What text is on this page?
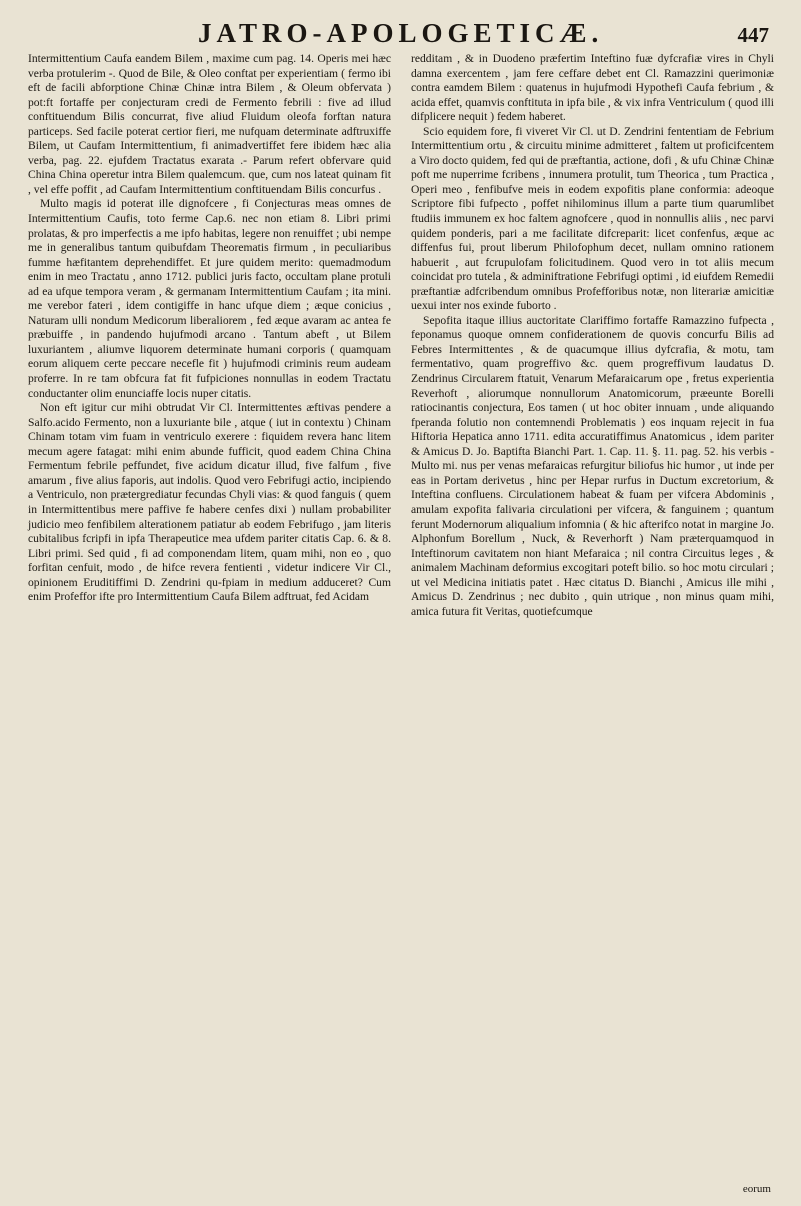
JATRO-APOLOGETICÆ.	447

Intermittentium Caufa eandem Bilem , maxime cum pag. 14. Operis mei hæc verba protulerim -. Quod de Bile, & Oleo conftat per experientiam ( fermo ibi eft de facili abforptione Chinæ Chinæ intra Bilem , & Oleum obfervata ) pot:ft fortaffe per conjecturam credi de Fermento febrili : five ad illud conftituendum Bilis concurrat, five aliud Fluidum oleofa forftan natura particeps. Sed facile poterat certior fieri, me nufquam determinate adftruxiffe Bilem, ut Caufam Intermittentium, fi animadvertiffet fere ibidem hæc alia verba, pag. 22. ejufdem Tractatus exarata .- Parum refert obfervare quid China China operetur intra Bilem qualemcum. que, cum nos lateat quinam fit , vel effe poffit , ad Caufam Intermittentium conftituendam Bilis concurfus .

Multo magis id poterat ille dignofcere , fi Conjecturas meas omnes de Intermittentium Caufis, toto ferme Cap.6. nec non etiam 8. Libri primi prolatas, & pro imperfectis a me ipfo habitas, legere non renuiffet ; ubi nempe me in generalibus tantum quibufdam Theorematis firmum , in peculiaribus fumme hæfitantem deprehendiffet. Et jure quidem merito: quemadmodum enim in meo Tractatu , anno 1712. publici juris facto, occultam plane protuli ad ea ufque tempora veram , & germanam Intermittentium Caufam ; ita mini. me verebor fateri , idem contigiffe in hanc ufque diem ; æque conicius , Naturam ulli nondum Medicorum liberaliorem , fed æque avaram ac antea fe præbuiffe , in pandendo hujufmodi arcano . Tantum abeft , ut Bilem luxuriantem , aliumve liquorem determinate humani corporis ( quamquam eorum aliquem certe peccare necefle fit ) hujufmodi criminis reum audeam proferre. In re tam obfcura fat fit fufpiciones nonnullas in eodem Tractatu conductanter olim enunciaffe locis nuper citatis.

Non eft igitur cur mihi obtrudat Vir Cl. Intermittentes æftivas pendere a Salfo.acido Fermento, non a luxuriante bile , atque ( iut in contextu ) Chinam Chinam totam vim fuam in ventriculo exerere : fiquidem revera hanc litem mecum agere fatagat: mihi enim abunde fufficit, quod eadem China China Fermentum febrile peffundet, five acidum dicatur illud, five falfum , five amarum , five alius faporis, aut indolis. Quod vero Febrifugi actio, incipiendo a Ventriculo, non prætergrediatur fecundas Chyli vias: & quod fanguis ( quem in Intermittentibus mere paffive fe habere cenfes dixi ) nullam probabiliter judicio meo fenfibilem alterationem patiatur ab eodem Febrifugo , jam literis cubitalibus fcripfi in ipfa Therapeutice mea ufdem pariter citatis Cap. 6. & 8. Libri primi. Sed quid , fi ad componendam litem, quam mihi, non eo , quo forfitan cenfuit, modo , de hifce revera fentienti , videtur indicere Vir Cl., opinionem Eruditiffimi D. Zendrini qu-fpiam in medium adduceret? Cum enim Profeffor ifte pro Intermittentium Caufa Bilem adftruat, fed Acidam

redditam , & in Duodeno præfertim Inteftino fuæ dyfcrafiæ vires in Chyli damna exercentem , jam fere ceffare debet ent Cl. Ramazzini querimoniæ contra eamdem Bilem : quatenus in hujufmodi Hypothefi Caufa febrium , & acida effet, quamvis conftituta in ipfa bile , & vix infra Ventriculum ( quod illi difplicere nequit ) fedem haberet.

Scio equidem fore, fi viveret Vir Cl. ut D. Zendrini fententiam de Febrium Intermittentium ortu , & circuitu minime admitteret , faltem ut proficifcentem a Viro docto quidem, fed qui de præftantia, actione, dofi , & ufu Chinæ Chinæ poft me nuperrime fcribens , innumera protulit, tum Theorica , tum Practica , Operi meo , fenfibufve meis in eodem expofitis plane conformia: adeoque Scriptore fibi fufpecto , poffet nihilominus illum a parte tium quarumlibet ftudiis immunem ex hoc faltem agnofcere , quod in nonnullis aliis , nec parvi quidem ponderis, pari a me facilitate difcreparit: licet confenfus, æque ac diffenfus fui, prout liberum Philofophum decet, nullam omnino rationem habuerit , aut fcrupulofam folicitudinem. Quod vero in tot aliis mecum coincidat pro tutela , & adminiftratione Febrifugi optimi , id eiufdem Remedii præftantiæ adfcribendum omnibus Profefforibus notæ, non literariæ amicitiæ uexui inter nos exinde fuborto .

Sepofita itaque illius auctoritate Clariffimo fortaffe Ramazzino fufpecta , feponamus quoque omnem confiderationem de quovis concurfu Bilis ad Febres Intermittentes , & de quacumque illius dyfcrafia, & motu, tam fermentativo, quam progreffivo &c. quem progreffivum laudatus D. Zendrinus Circularem ftatuit, Venarum Mefaraicarum ope , fretus experientia Reverhoft , aliorumque nonnullorum Anatomicorum, præeunte Borelli ratiocinantis conjectura, Eos tamen ( ut hoc obiter innuam , unde aliquando fperanda folutio non contemnendi Problematis ) eos inquam rejecit in fua Hiftoria Hepatica anno 1711. edita accuratiffimus Anatomicus , idem pariter & Amicus D. Jo. Baptifta Bianchi Part. 1. Cap. 11. §. 11. pag. 52. his verbis - Multo mi. nus per venas mefaraicas refurgitur biliofus hic humor , ut inde per eas in Portam derivetus , hinc per Hepar rurfus in Ductum excretorium, & Inteftina confluens. Circulationem habeat & fuam per vifcera Abdominis , amulam expofita falivaria circulationi per vifcera, & fanguinem ; quantum ferunt Modernorum aliqualium infomnia ( & hic afterifco notat in margine Jo. Alphonfum Borellum , Nuck, & Reverhorft ) Nam præterquamquod in Inteftinorum cavitatem non hiant Mefaraica ; nil contra Circuitus leges , & animalem Machinam deformius excogitari poteft bilio. so hoc motu circulari ; ut vel Medicina initiatis patet . Hæc citatus D. Bianchi , Amicus ille mihi , Amicus D. Zendrinus ; nec dubito , quin utrique , non minus quam mihi, amica futura fit Veritas, quotiefcumque

eorum
